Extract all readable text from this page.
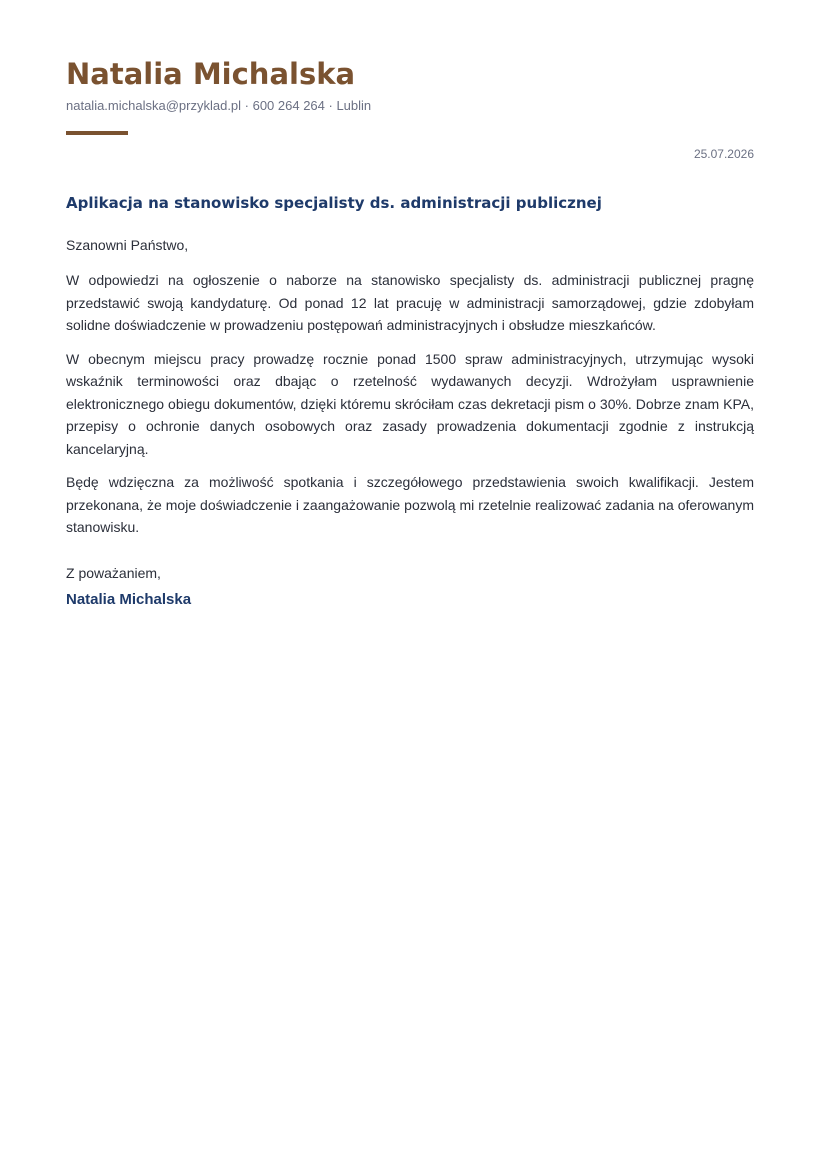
Natalia Michalska
natalia.michalska@przyklad.pl · 600 264 264 · Lublin
25.07.2026
Aplikacja na stanowisko specjalisty ds. administracji publicznej
Szanowni Państwo,

W odpowiedzi na ogłoszenie o naborze na stanowisko specjalisty ds. administracji publicznej pragnę przedstawić swoją kandydaturę. Od ponad 12 lat pracuję w administracji samorządowej, gdzie zdobyłam solidne doświadczenie w prowadzeniu postępowań administracyjnych i obsłudze mieszkańców.

W obecnym miejscu pracy prowadzę rocznie ponad 1500 spraw administracyjnych, utrzymując wysoki wskaźnik terminowości oraz dbając o rzetelność wydawanych decyzji. Wdrożyłam usprawnienie elektronicznego obiegu dokumentów, dzięki któremu skróciłam czas dekretacji pism o 30%. Dobrze znam KPA, przepisy o ochronie danych osobowych oraz zasady prowadzenia dokumentacji zgodnie z instrukcją kancelaryjną.

Będę wdzięczna za możliwość spotkania i szczegółowego przedstawienia swoich kwalifikacji. Jestem przekonana, że moje doświadczenie i zaangażowanie pozwolą mi rzetelnie realizować zadania na oferowanym stanowisku.

Z poważaniem,
Natalia Michalska
